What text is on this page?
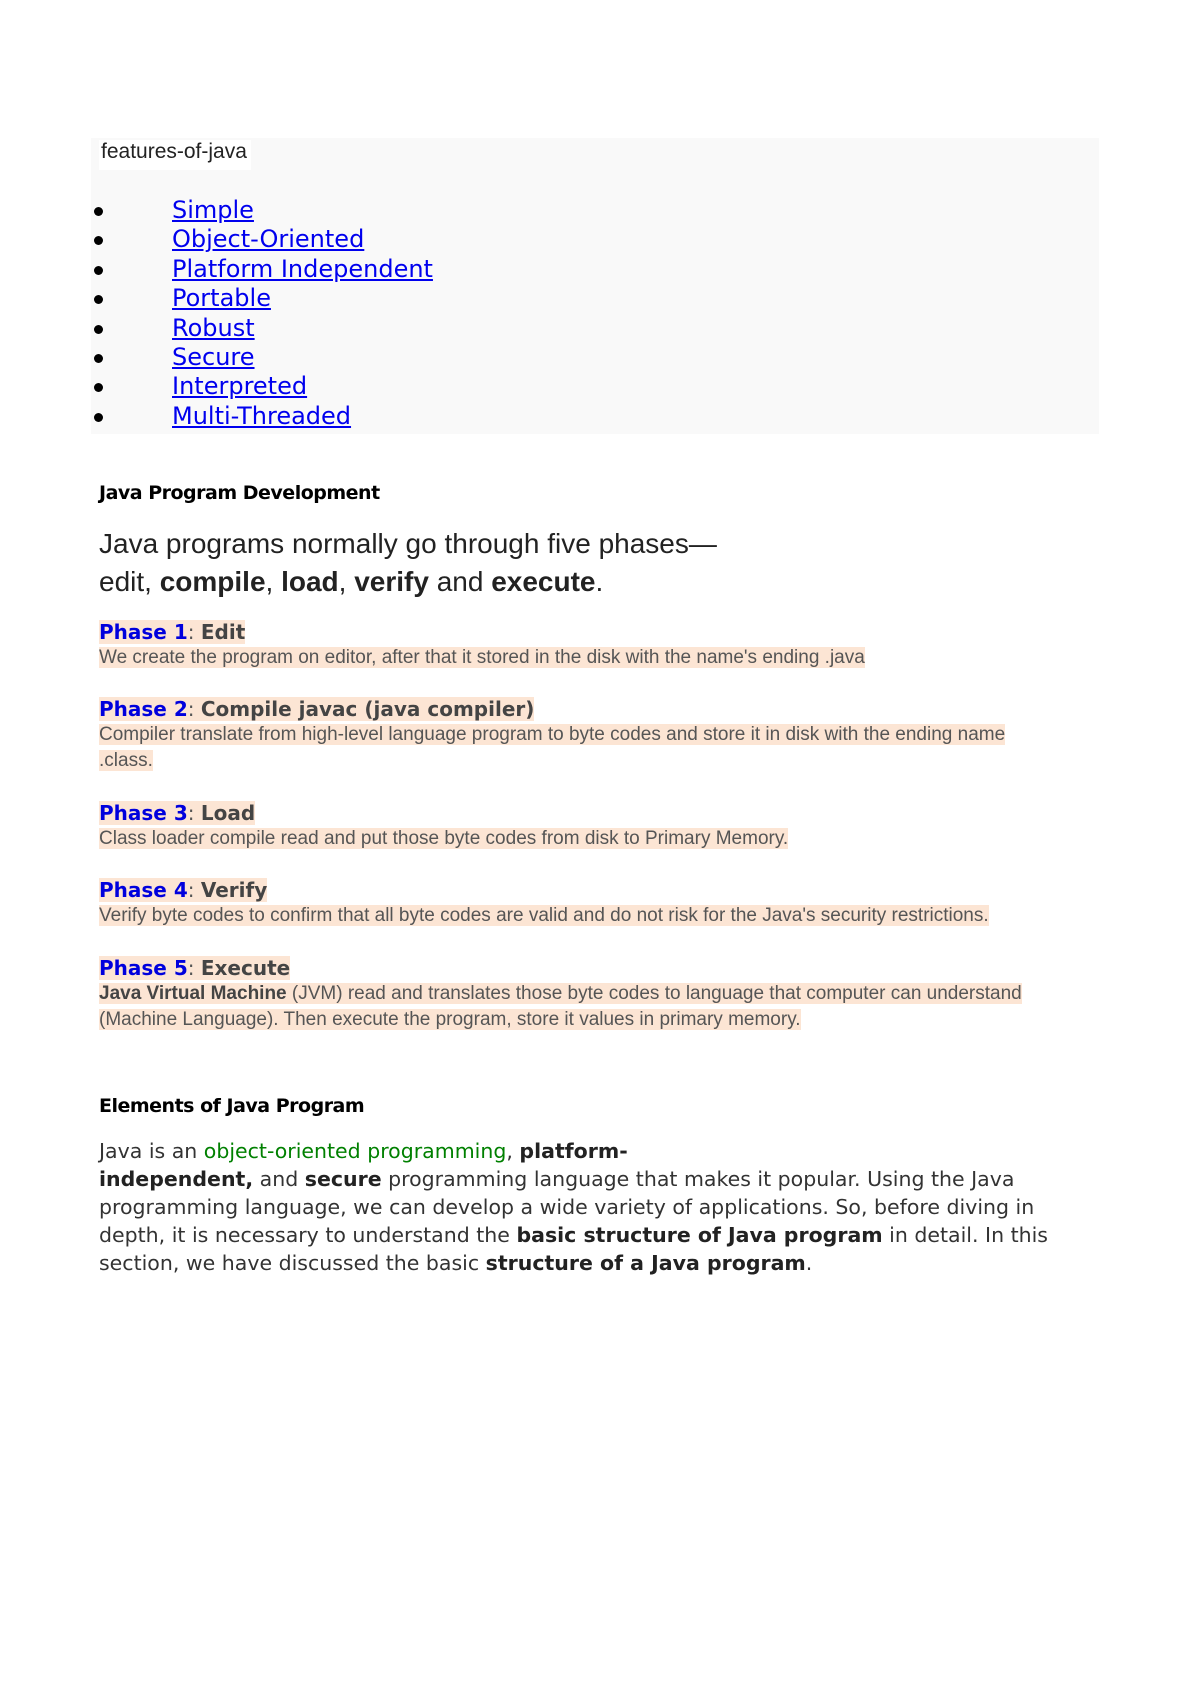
features-of-java
Simple
Object-Oriented
Platform Independent
Portable
Robust
Secure
Interpreted
Multi-Threaded
Java Program Development
Java programs normally go through five phases—
edit, compile, load, verify and execute.
Phase 1: Edit
We create the program on editor, after that it stored in the disk with the name's ending .java
Phase 2: Compile javac (java compiler)
Compiler translate from high-level language program to byte codes and store it in disk with the ending name
.class.
Phase 3: Load
Class loader compile read and put those byte codes from disk to Primary Memory.
Phase 4: Verify
Verify byte codes to confirm that all byte codes are valid and do not risk for the Java's security restrictions.
Phase 5: Execute
Java Virtual Machine (JVM) read and translates those byte codes to language that computer can understand
(Machine Language). Then execute the program, store it values in primary memory.
Elements of Java Program
Java is an object-oriented programming, platform-
independent, and secure programming language that makes it popular. Using the Java programming language, we can develop a wide variety of applications. So, before diving in depth, it is necessary to understand the basic structure of Java program in detail. In this section, we have discussed the basic structure of a Java program.
